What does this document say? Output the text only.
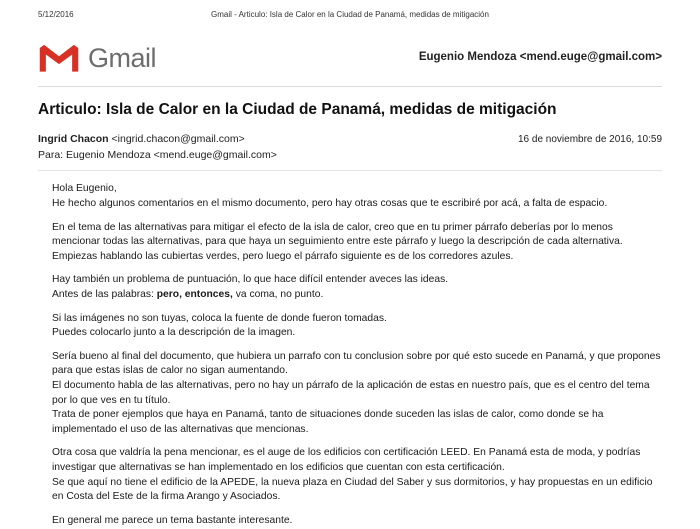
5/12/2016	Gmail - Articulo: Isla de Calor en la Ciudad de Panamá, medidas de mitigación
Gmail	Eugenio Mendoza <mend.euge@gmail.com>
Articulo: Isla de Calor en la Ciudad de Panamá, medidas de mitigación
Ingrid Chacon <ingrid.chacon@gmail.com>	16 de noviembre de 2016, 10:59
Para: Eugenio Mendoza <mend.euge@gmail.com>

Hola Eugenio,

He hecho algunos comentarios en el mismo documento, pero hay otras cosas que te escribiré por acá, a falta de espacio.

En el tema de las alternativas para mitigar el efecto de la isla de calor, creo que en tu primer párrafo deberías por lo menos mencionar todas las alternativas, para que haya un seguimiento entre este párrafo y luego la descripción de cada alternativa.

Empiezas hablando las cubiertas verdes, pero luego el párrafo siguiente es de los corredores azules.

Hay también un problema de puntuación, lo que hace difícil entender aveces las ideas.

Antes de las palabras: pero, entonces, va coma, no punto.

Si las imágenes no son tuyas, coloca la fuente de donde fueron tomadas.

Puedes colocarlo junto a la descripción de la imagen.

Sería bueno al final del documento, que hubiera un parrafo con tu conclusion sobre por qué esto sucede en Panamá, y que propones para que estas islas de calor no sigan aumentando.

El documento habla de las alternativas, pero no hay un párrafo de la aplicación de estas en nuestro país, que es el centro del tema por lo que ves en tu título.

Trata de poner ejemplos que haya en Panamá, tanto de situaciones donde suceden las islas de calor, como donde se ha implementado el uso de las alternativas que mencionas.

Otra cosa que valdría la pena mencionar, es el auge de los edificios con certificación LEED. En Panamá esta de moda, y podrías investigar que alternativas se han implementado en los edificios que cuentan con esta certificación.

Se que aquí no tiene el edificio de la APEDE, la nueva plaza en Ciudad del Saber y sus dormitorios, y hay propuestas en un edificio en Costa del Este de la firma Arango y Asociados.

En general me parece un tema bastante interesante.
